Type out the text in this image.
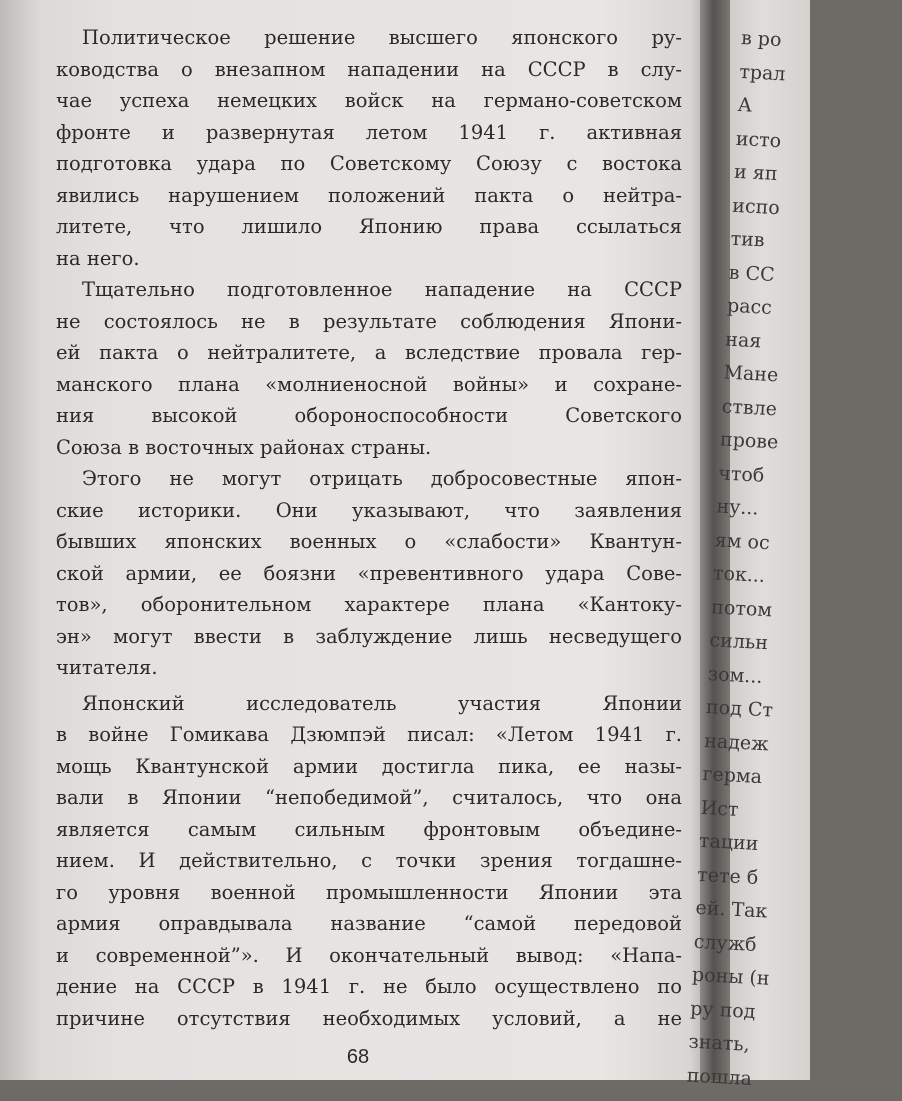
Политическое решение высшего японского ру-
ководства о внезапном нападении на СССР в слу-
чае успеха немецких войск на германо-советском
фронте и развернутая летом 1941 г. активная
подготовка удара по Советскому Союзу с востока
явились нарушением положений пакта о нейтра-
литете, что лишило Японию права ссылаться
на него.
Тщательно подготовленное нападение на СССР
не состоялось не в результате соблюдения Япони-
ей пакта о нейтралитете, а вследствие провала гер-
манского плана «молниеносной войны» и сохране-
ния высокой обороноспособности Советского
Союза в восточных районах страны.
Этого не могут отрицать добросовестные япон-
ские историки. Они указывают, что заявления
бывших японских военных о «слабости» Квантун-
ской армии, ее боязни «превентивного удара Сове-
тов», оборонительном характере плана «Кантоку-
эн» могут ввести в заблуждение лишь несведущего
читателя.
Японский исследователь участия Японии
в войне Гомикава Дзюмпэй писал: «Летом 1941 г.
мощь Квантунской армии достигла пика, ее назы-
вали в Японии “непобедимой”, считалось, что она
является самым сильным фронтовым объедине-
нием. И действительно, с точки зрения тогдашне-
го уровня военной промышленности Японии эта
армия оправдывала название “самой передовой
и современной”». И окончательный вывод: «Напа-
дение на СССР в 1941 г. не было осуществлено по
причине отсутствия необходимых условий, а не
68
в ро
трал
А
исто
и яп
испо
тив
в СС
расс
ная
Мане
ствле
прове
чтоб
ну...
ям ос
ток...
потом
сильн
зом...
под Ст
надеж
герма
Ист
тации
тете б
ей. Так
служб
роны (н
ру под
знать,
пошла
